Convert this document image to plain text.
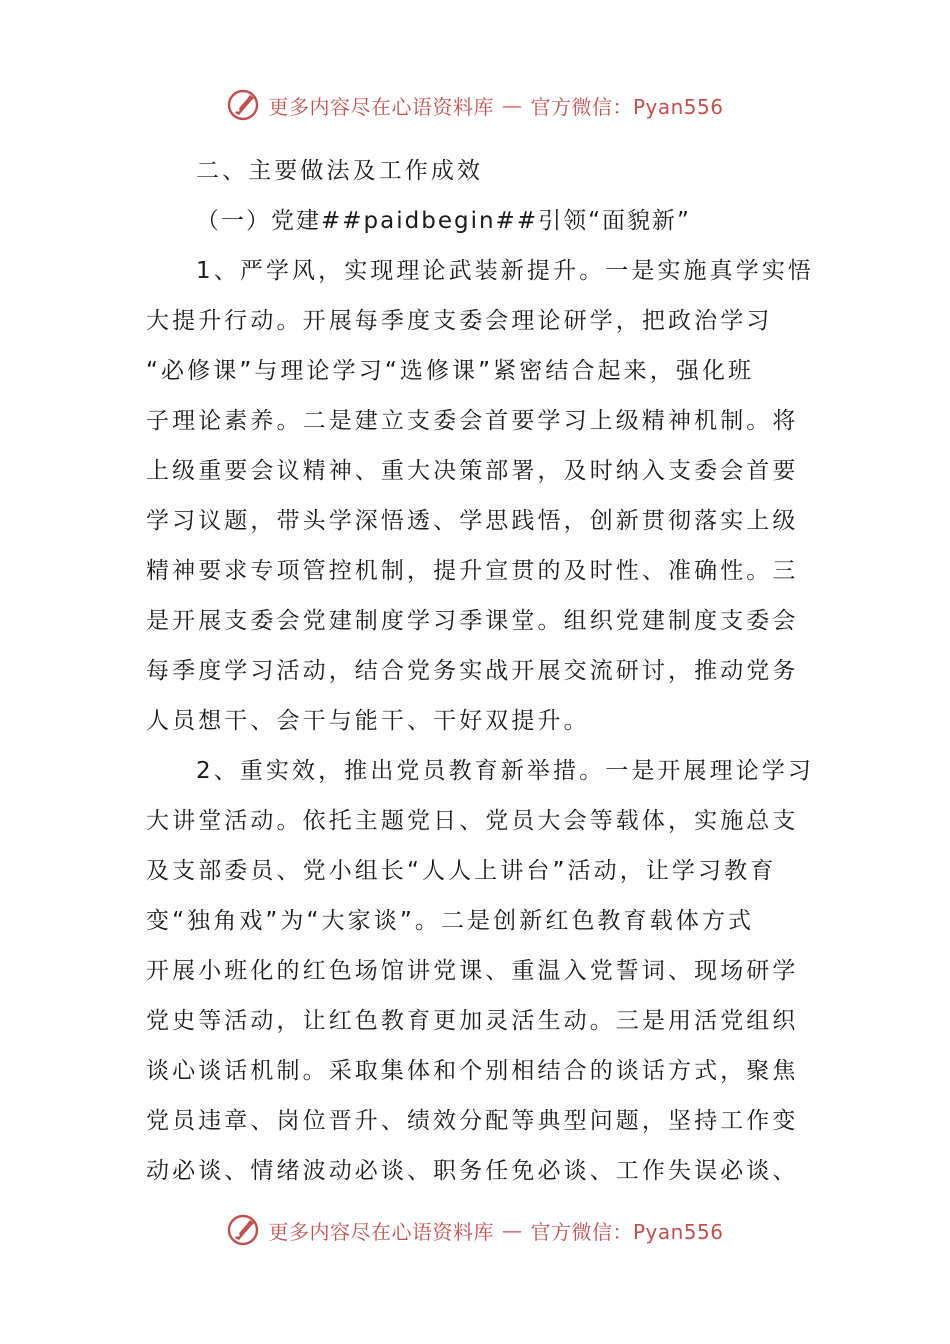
更多内容尽在心语资料库 — 官方微信：Pyan556
二、主要做法及工作成效
（一）党建##paidbegin##引领“面貌新”
1、严学风，实现理论武装新提升。一是实施真学实悟
大提升行动。开展每季度支委会理论研学，把政治学习
“必修课”与理论学习“选修课”紧密结合起来，强化班
子理论素养。二是建立支委会首要学习上级精神机制。将
上级重要会议精神、重大决策部署，及时纳入支委会首要
学习议题，带头学深悟透、学思践悟，创新贯彻落实上级
精神要求专项管控机制，提升宣贯的及时性、准确性。三
是开展支委会党建制度学习季课堂。组织党建制度支委会
每季度学习活动，结合党务实战开展交流研讨，推动党务
人员想干、会干与能干、干好双提升。
2、重实效，推出党员教育新举措。一是开展理论学习
大讲堂活动。依托主题党日、党员大会等载体，实施总支
及支部委员、党小组长“人人上讲台”活动，让学习教育
变“独角戏”为“大家谈”。二是创新红色教育载体方式
开展小班化的红色场馆讲党课、重温入党誓词、现场研学
党史等活动，让红色教育更加灵活生动。三是用活党组织
谈心谈话机制。采取集体和个别相结合的谈话方式，聚焦
党员违章、岗位晋升、绩效分配等典型问题，坚持工作变
动必谈、情绪波动必谈、职务任免必谈、工作失误必谈、
更多内容尽在心语资料库 — 官方微信：Pyan556
